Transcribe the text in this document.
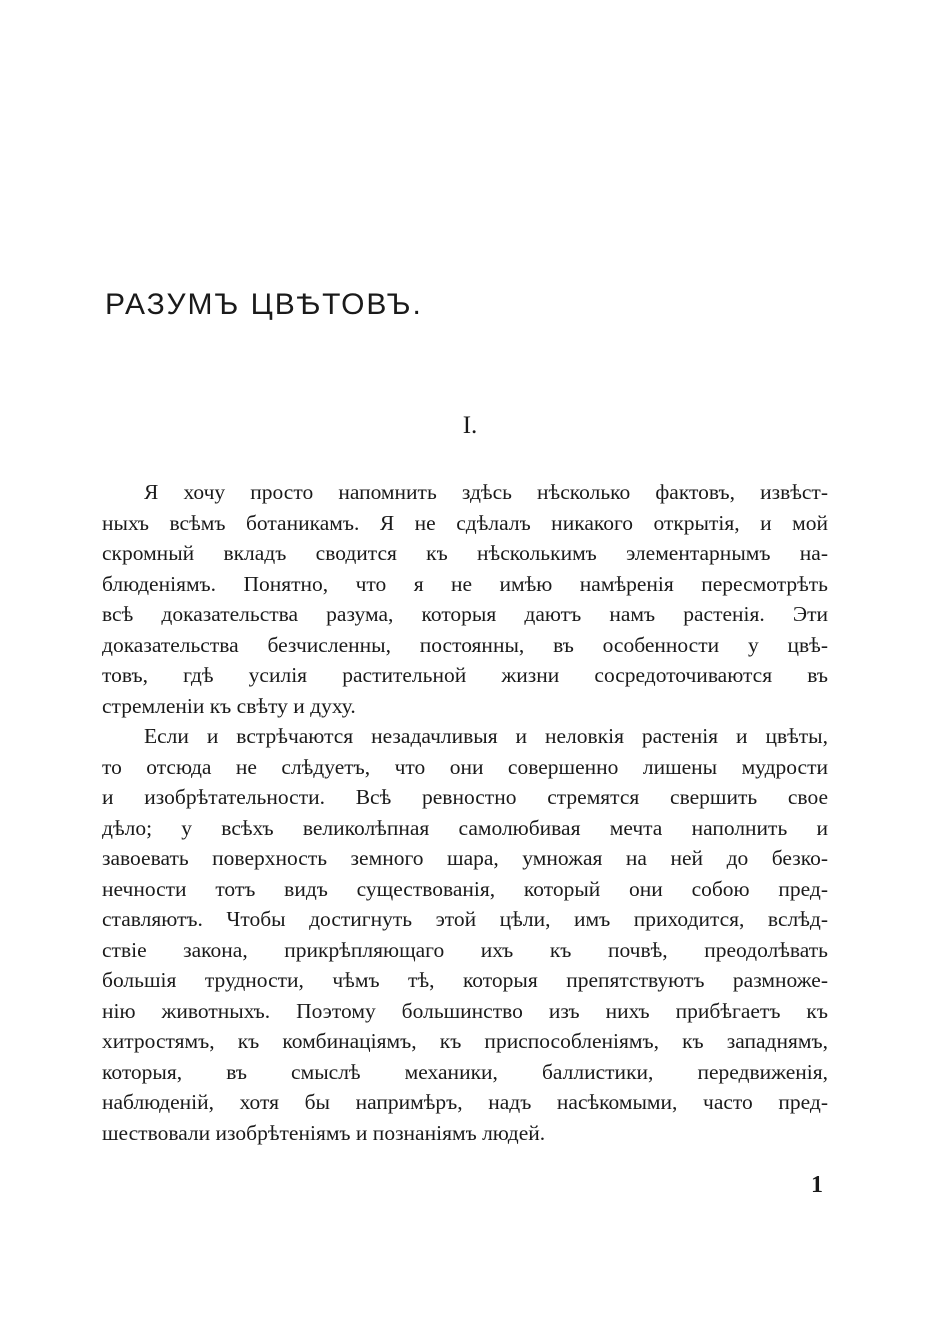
РАЗУМЪ ЦВѢТОВЪ.
I.
Я хочу просто напомнить здѣсь нѣсколько фактовъ, извѣст-
ныхъ всѣмъ ботаникамъ. Я не сдѣлалъ никакого открытія, и мой
скромный вкладъ сводится къ нѣсколькимъ элементарнымъ на-
блюденіямъ. Понятно, что я не имѣю намѣренія пересмотрѣть
всѣ доказательства разума, которыя даютъ намъ растенія. Эти
доказательства безчисленны, постоянны, въ особенности у цвѣ-
товъ, гдѣ усилія растительной жизни сосредоточиваются въ
стремленіи къ свѣту и духу.
Если и встрѣчаются незадачливыя и неловкія растенія и цвѣты,
то отсюда не слѣдуетъ, что они совершенно лишены мудрости
и изобрѣтательности. Всѣ ревностно стремятся свершить свое
дѣло; у всѣхъ великолѣпная самолюбивая мечта наполнить и
завоевать поверхность земного шара, умножая на ней до безко-
нечности тотъ видъ существованія, который они собою пред-
ставляютъ. Чтобы достигнуть этой цѣли, имъ приходится, вслѣд-
ствіе закона, прикрѣпляющаго ихъ къ почвѣ, преодолѣвать
большія трудности, чѣмъ тѣ, которыя препятствуютъ размноже-
нію животныхъ. Поэтому большинство изъ нихъ прибѣгаетъ къ
хитростямъ, къ комбинаціямъ, къ приспособленіямъ, къ западнямъ,
которыя, въ смыслѣ механики, баллистики, передвиженія,
наблюденій, хотя бы напримѣръ, надъ насѣкомыми, часто пред-
шествовали изобрѣтеніямъ и познаніямъ людей.
1
